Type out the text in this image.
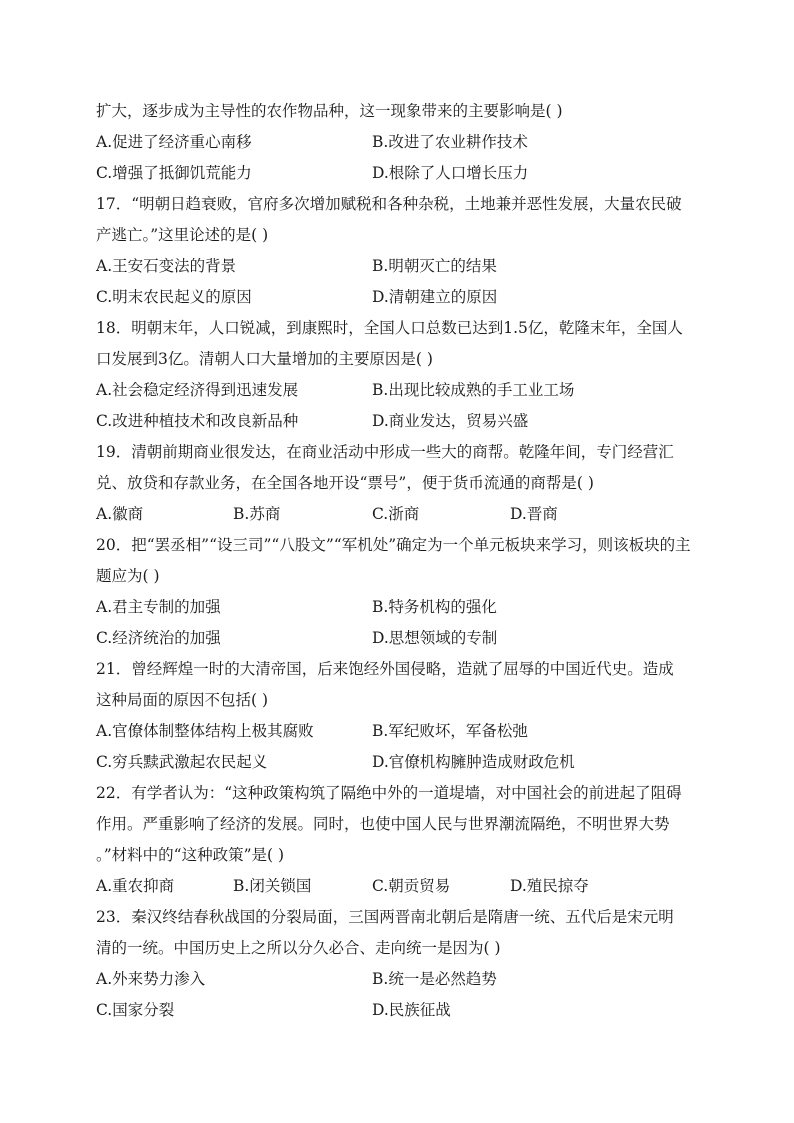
扩大，逐步成为主导性的农作物品种，这一现象带来的主要影响是( )
A.促进了经济重心南移	B.改进了农业耕作技术
C.增强了抵御饥荒能力	D.根除了人口增长压力
17．“明朝日趋衰败，官府多次增加赋税和各种杂税，土地兼并恶性发展，大量农民破
产逃亡。”这里论述的是( )
A.王安石变法的背景	B.明朝灭亡的结果
C.明末农民起义的原因	D.清朝建立的原因
18．明朝末年，人口锐减，到康熙时，全国人口总数已达到1.5亿，乾隆末年，全国人
口发展到3亿。清朝人口大量增加的主要原因是( )
A.社会稳定经济得到迅速发展	B.出现比较成熟的手工业工场
C.改进种植技术和改良新品种	D.商业发达，贸易兴盛
19．清朝前期商业很发达，在商业活动中形成一些大的商帮。乾隆年间，专门经营汇
兑、放贷和存款业务，在全国各地开设“票号”，便于货币流通的商帮是( )
A.徽商	B.苏商	C.浙商	D.晋商
20．把“罢丞相”“设三司”“八股文”“军机处”确定为一个单元板块来学习，则该板块的主
题应为( )
A.君主专制的加强	B.特务机构的强化
C.经济统治的加强	D.思想领域的专制
21．曾经辉煌一时的大清帝国，后来饱经外国侵略，造就了屈辱的中国近代史。造成
这种局面的原因不包括( )
A.官僚体制整体结构上极其腐败	B.军纪败坏，军备松弛
C.穷兵黩武激起农民起义	D.官僚机构臃肿造成财政危机
22．有学者认为：“这种政策构筑了隔绝中外的一道堤墙，对中国社会的前进起了阻碍
作用。严重影响了经济的发展。同时，也使中国人民与世界潮流隔绝，不明世界大势
。”材料中的“这种政策”是( )
A.重农抑商	B.闭关锁国	C.朝贡贸易	D.殖民掠夺
23．秦汉终结春秋战国的分裂局面，三国两晋南北朝后是隋唐一统、五代后是宋元明
清的一统。中国历史上之所以分久必合、走向统一是因为( )
A.外来势力渗入	B.统一是必然趋势
C.国家分裂	D.民族征战
